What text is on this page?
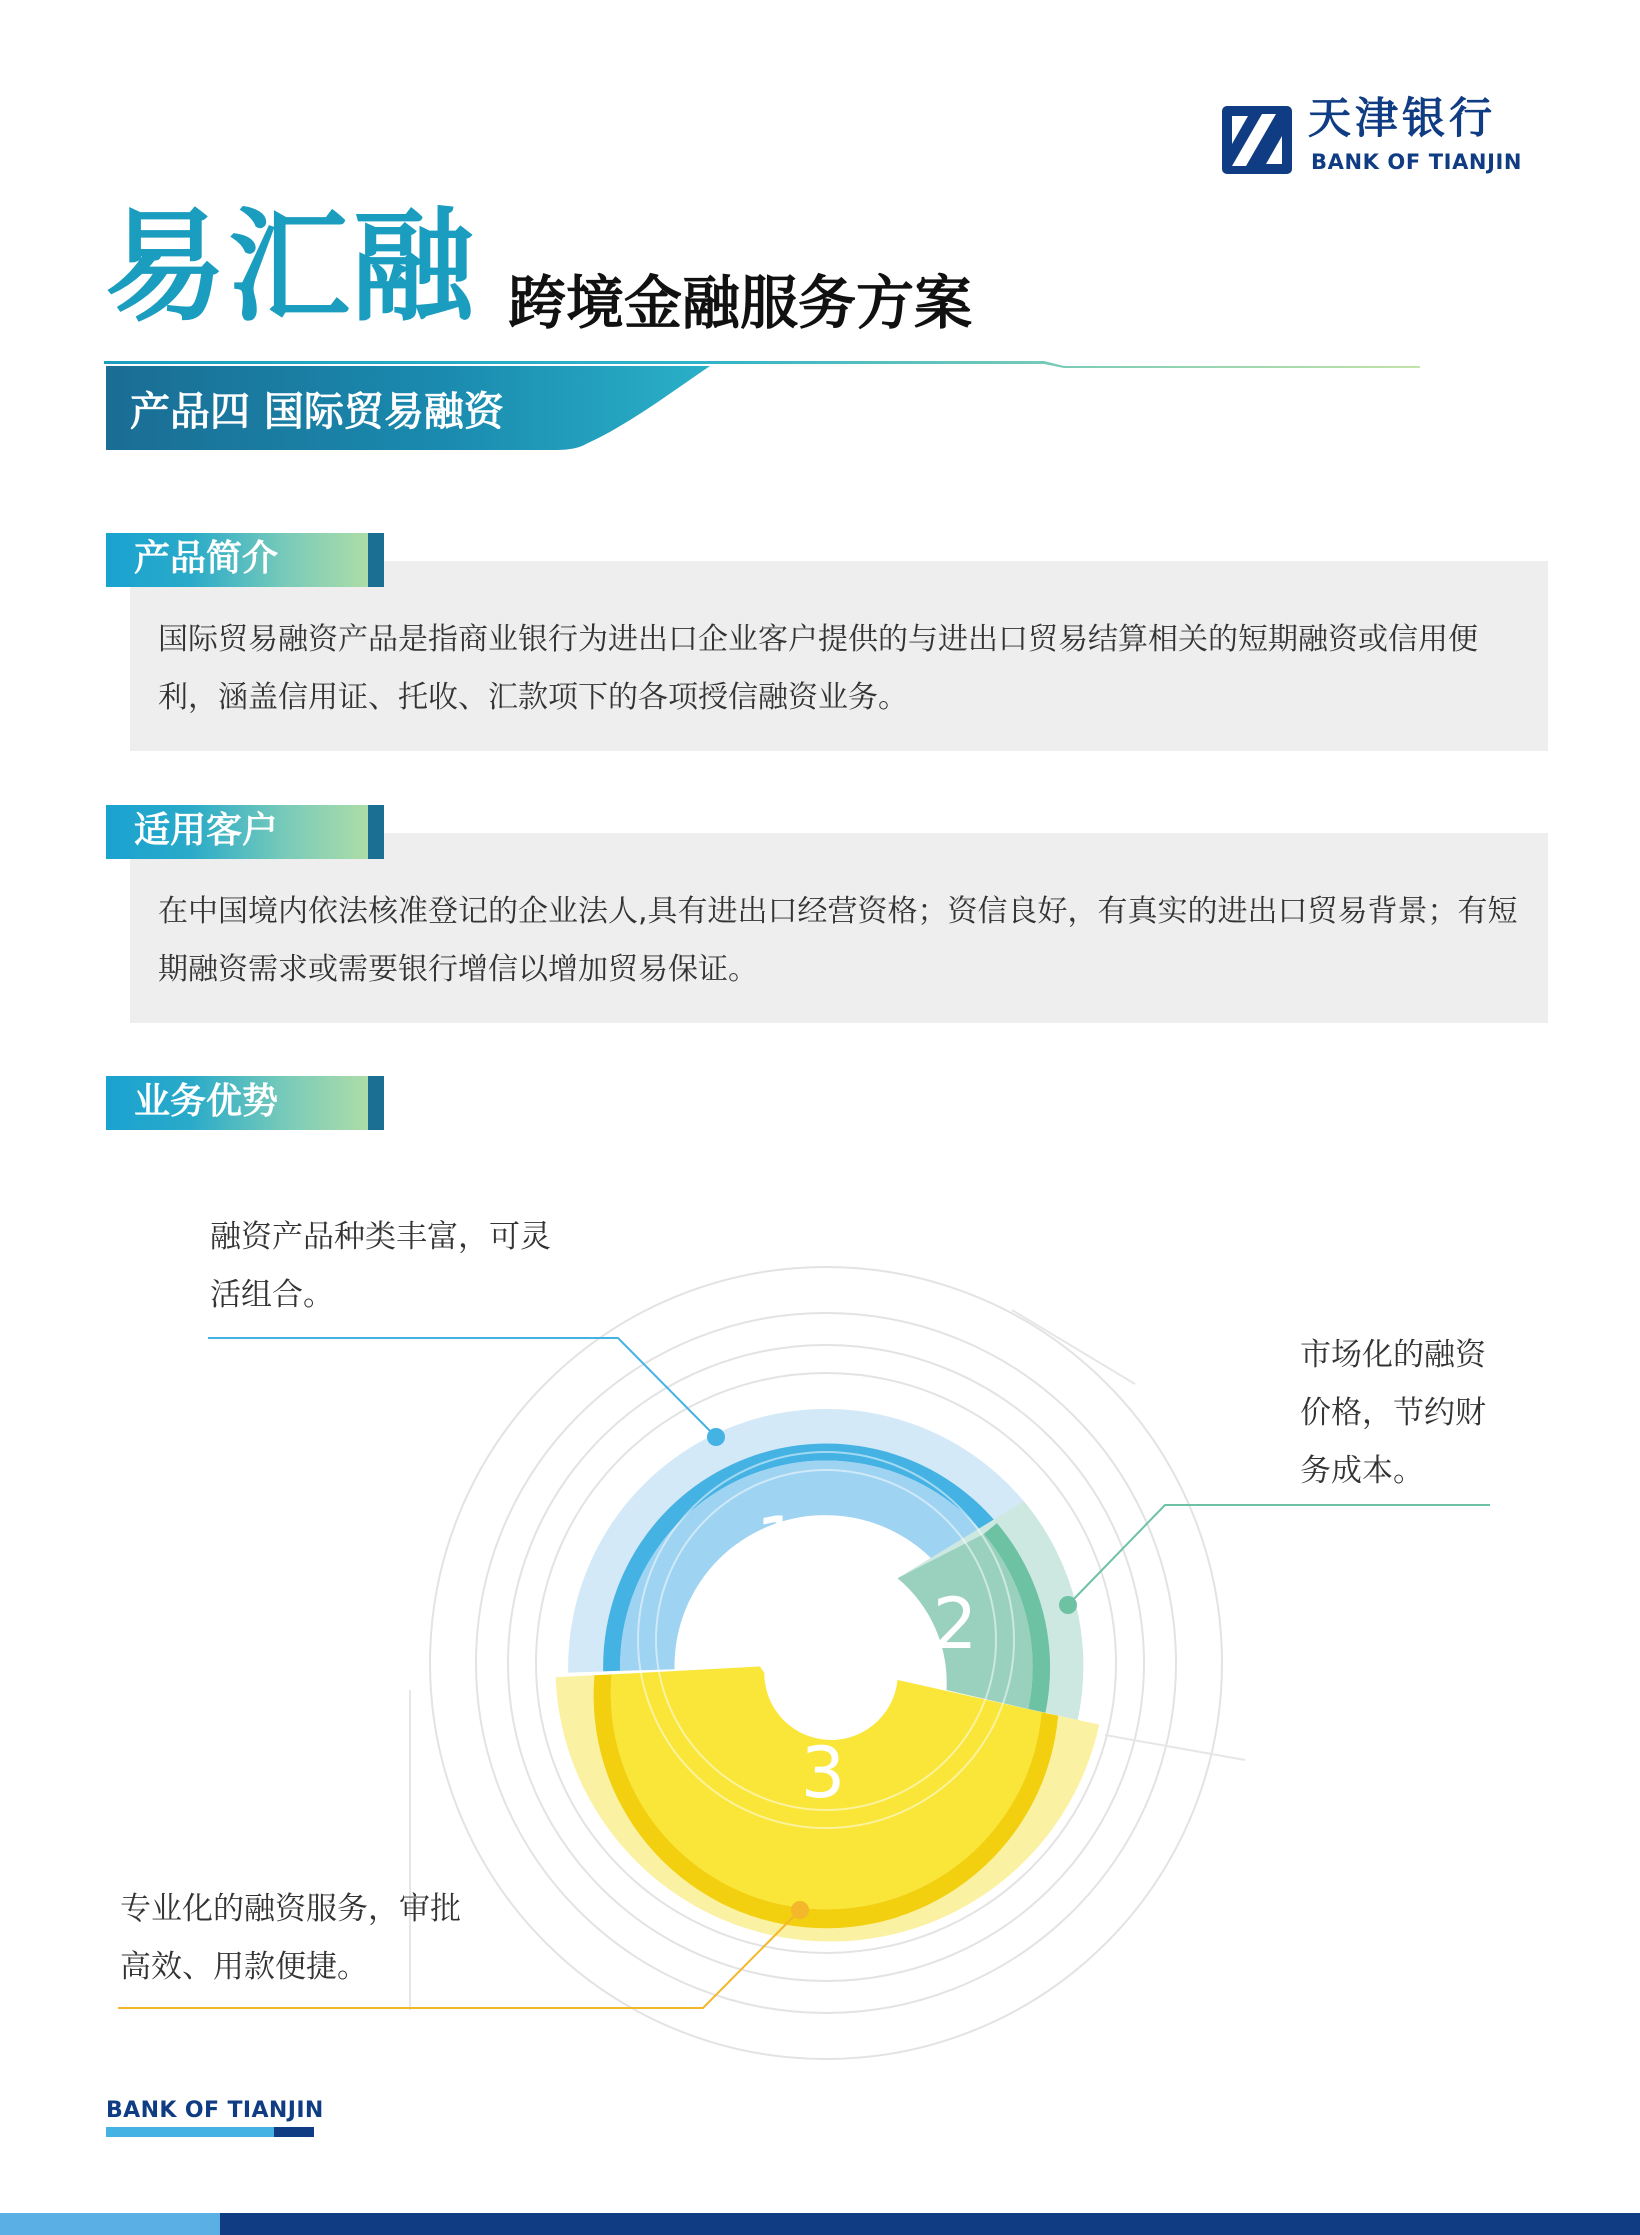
天津银行
BANK OF TIANJIN
易汇融 跨境金融服务方案
产品四 国际贸易融资

国际贸易融资产品是指商业银行为进出口企业客户提供的与进出口贸易结算相关的短期融资或信用便利，涵盖信用证、托收、汇款项下的各项授信融资业务。

产品简介

在中国境内依法核准登记的企业法人,具有进出口经营资格；资信良好，有真实的进出口贸易背景；有短期融资需求或需要银行增信以增加贸易保证。

适用客户
业务优势
1
2
3
融资产品种类丰富，可灵活组合。
市场化的融资价格，节约财务成本。
专业化的融资服务，审批高效、用款便捷。
BANK OF TIANJIN
